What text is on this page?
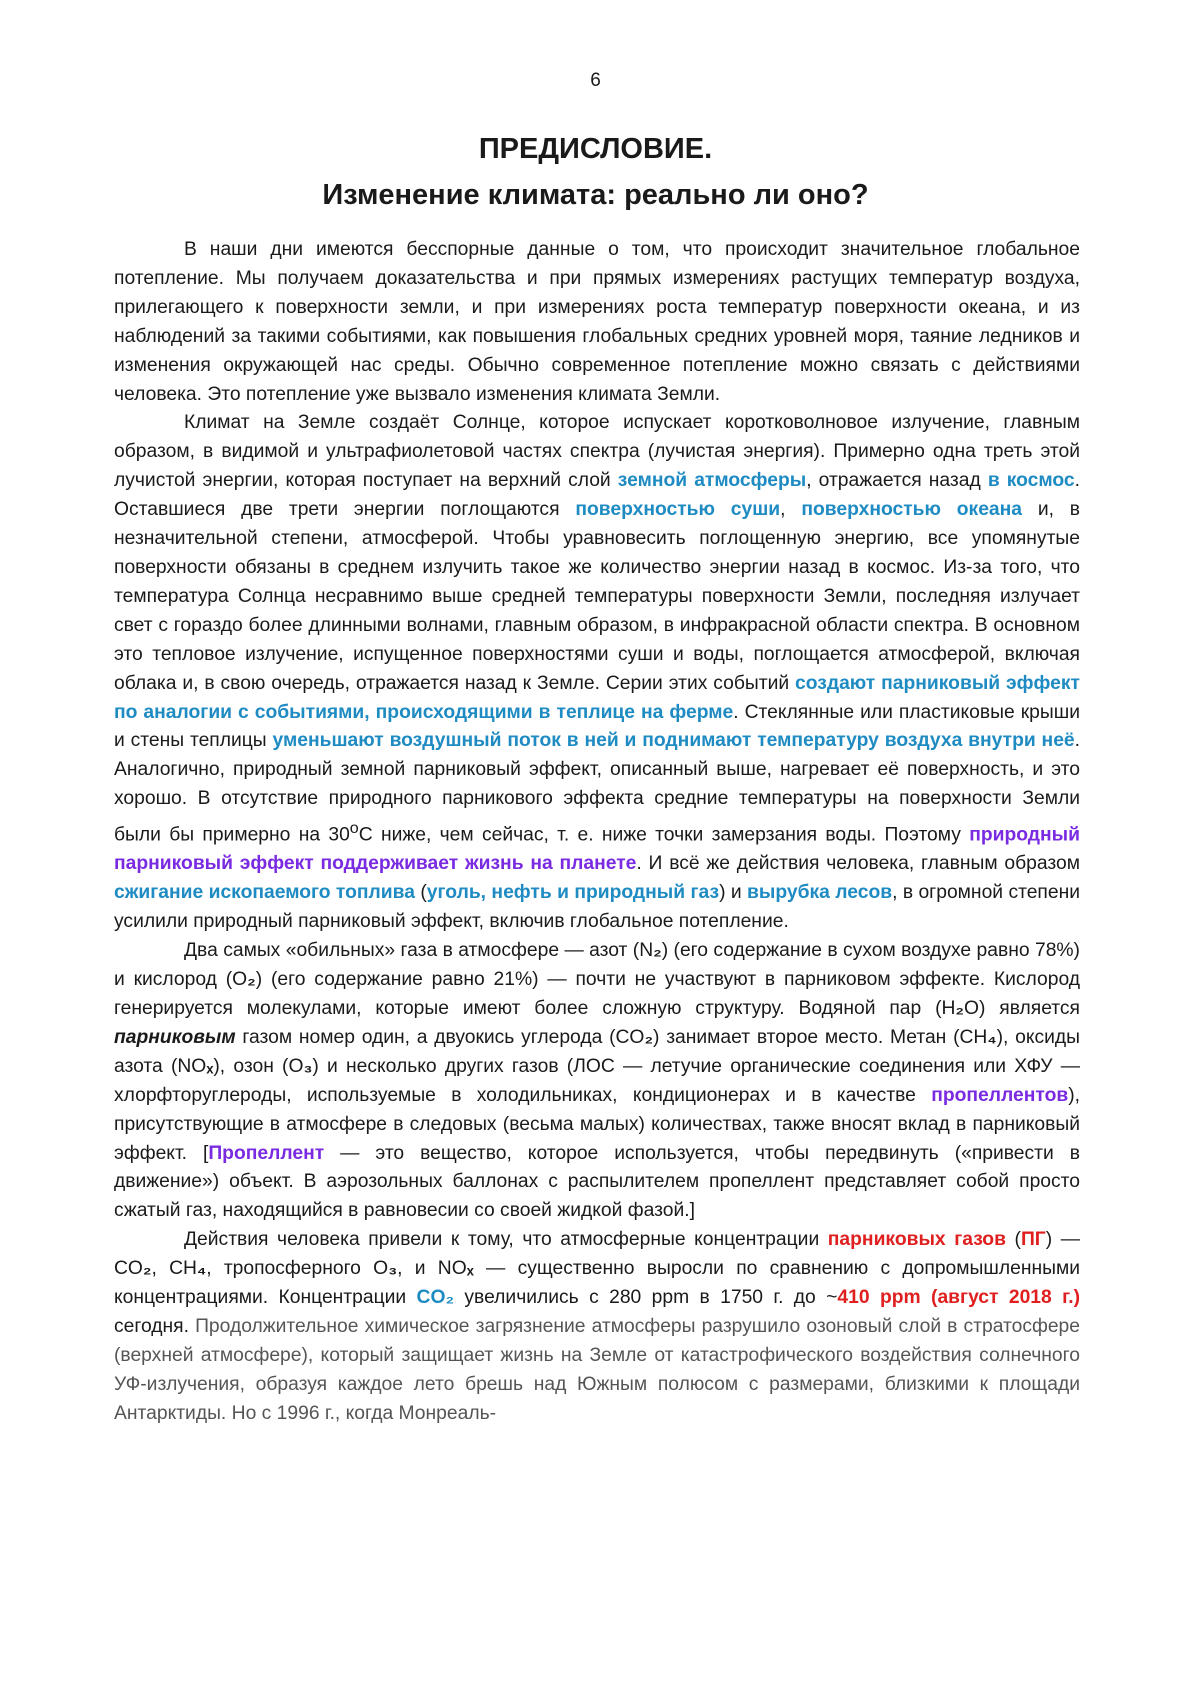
6
ПРЕДИСЛОВИЕ.
Изменение климата: реально ли оно?

В наши дни имеются бесспорные данные о том, что происходит значительное глобальное потепление. Мы получаем доказательства и при прямых измерениях растущих температур воздуха, прилегающего к поверхности земли, и при измерениях роста температур поверхности океана, и из наблюдений за такими событиями, как повышения глобальных средних уровней моря, таяние ледников и изменения окружающей нас среды. Обычно современное потепление можно связать с действиями человека. Это потепление уже вызвало изменения климата Земли.

Климат на Земле создаёт Солнце, которое испускает коротковолновое излучение, главным образом, в видимой и ультрафиолетовой частях спектра (лучистая энергия). Примерно одна треть этой лучистой энергии, которая поступает на верхний слой земной атмосферы, отражается назад в космос. Оставшиеся две трети энергии поглощаются поверхностью суши, поверхностью океана и, в незначительной степени, атмосферой. Чтобы уравновесить поглощенную энергию, все упомянутые поверхности обязаны в среднем излучить такое же количество энергии назад в космос. Из-за того, что температура Солнца несравнимо выше средней температуры поверхности Земли, последняя излучает свет с гораздо более длинными волнами, главным образом, в инфракрасной области спектра. В основном это тепловое излучение, испущенное поверхностями суши и воды, поглощается атмосферой, включая облака и, в свою очередь, отражается назад к Земле. Серии этих событий создают парниковый эффект по аналогии с событиями, происходящими в теплице на ферме. Стеклянные или пластиковые крыши и стены теплицы уменьшают воздушный поток в ней и поднимают температуру воздуха внутри неё. Аналогично, природный земной парниковый эффект, описанный выше, нагревает её поверхность, и это хорошо. В отсутствие природного парникового эффекта средние температуры на поверхности Земли были бы примерно на $30^оС$ ниже, чем сейчас, т. е. ниже точки замерзания воды. Поэтому природный парниковый эффект поддерживает жизнь на планете. И всё же действия человека, главным образом сжигание ископаемого топлива (уголь, нефть и природный газ) и вырубка лесов, в огромной степени усилили природный парниковый эффект, включив глобальное потепление.

Два самых «обильных» газа в атмосфере — азот (N₂) (его содержание в сухом воздухе равно 78%) и кислород (O₂) (его содержание равно 21%) — почти не участвуют в парниковом эффекте. Кислород генерируется молекулами, которые имеют более сложную структуру. Водяной пар (H₂O) является парниковым газом номер один, а двуокись углерода (CO₂) занимает второе место. Метан (CH₄), оксиды азота (NOₓ), озон (O₃) и несколько других газов (ЛОС — летучие органические соединения или ХФУ — хлорфторуглероды, используемые в холодильниках, кондиционерах и в качестве пропеллентов), присутствующие в атмосфере в следовых (весьма малых) количествах, также вносят вклад в парниковый эффект. [Пропеллент — это вещество, которое используется, чтобы передвинуть («привести в движение») объект. В аэрозольных баллонах с распылителем пропеллент представляет собой просто сжатый газ, находящийся в равновесии со своей жидкой фазой.]

Действия человека привели к тому, что атмосферные концентрации парниковых газов (ПГ) — CO₂, CH₄, тропосферного O₃, и NOₓ — существенно выросли по сравнению с допромышленными концентрациями. Концентрации CO₂ увеличились с 280 ppm в 1750 г. до ~410 ppm (август 2018 г.) сегодня. Продолжительное химическое загрязнение атмосферы разрушило озоновый слой в стратосфере (верхней атмосфере), который защищает жизнь на Земле от катастрофического воздействия солнечного УФ-излучения, образуя каждое лето брешь над Южным полюсом с размерами, близкими к площади Антарктиды. Но с 1996 г., когда Монреаль-
